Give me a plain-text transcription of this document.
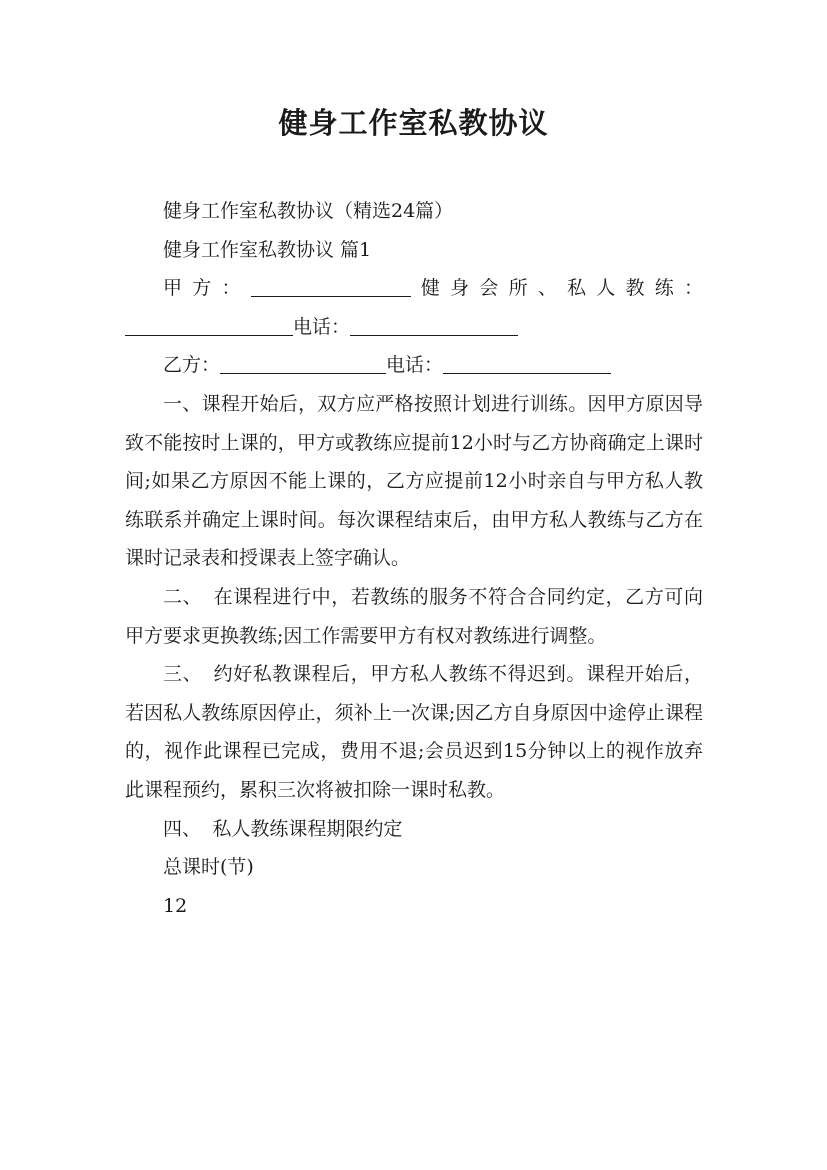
健身工作室私教协议

健身工作室私教协议（精选24篇）

健身工作室私教协议 篇1

甲方：	健身会所、私人教练：

电话：

乙方：	电话：

一、课程开始后，双方应严格按照计划进行训练。因甲方原因导致不能按时上课的，甲方或教练应提前12小时与乙方协商确定上课时间;如果乙方原因不能上课的，乙方应提前12小时亲自与甲方私人教练联系并确定上课时间。每次课程结束后，由甲方私人教练与乙方在课时记录表和授课表上签字确认。

二、 在课程进行中，若教练的服务不符合合同约定，乙方可向甲方要求更换教练;因工作需要甲方有权对教练进行调整。

三、 约好私教课程后，甲方私人教练不得迟到。课程开始后，若因私人教练原因停止，须补上一次课;因乙方自身原因中途停止课程的，视作此课程已完成，费用不退;会员迟到15分钟以上的视作放弃此课程预约，累积三次将被扣除一课时私教。

四、 私人教练课程期限约定

总课时(节)

12
